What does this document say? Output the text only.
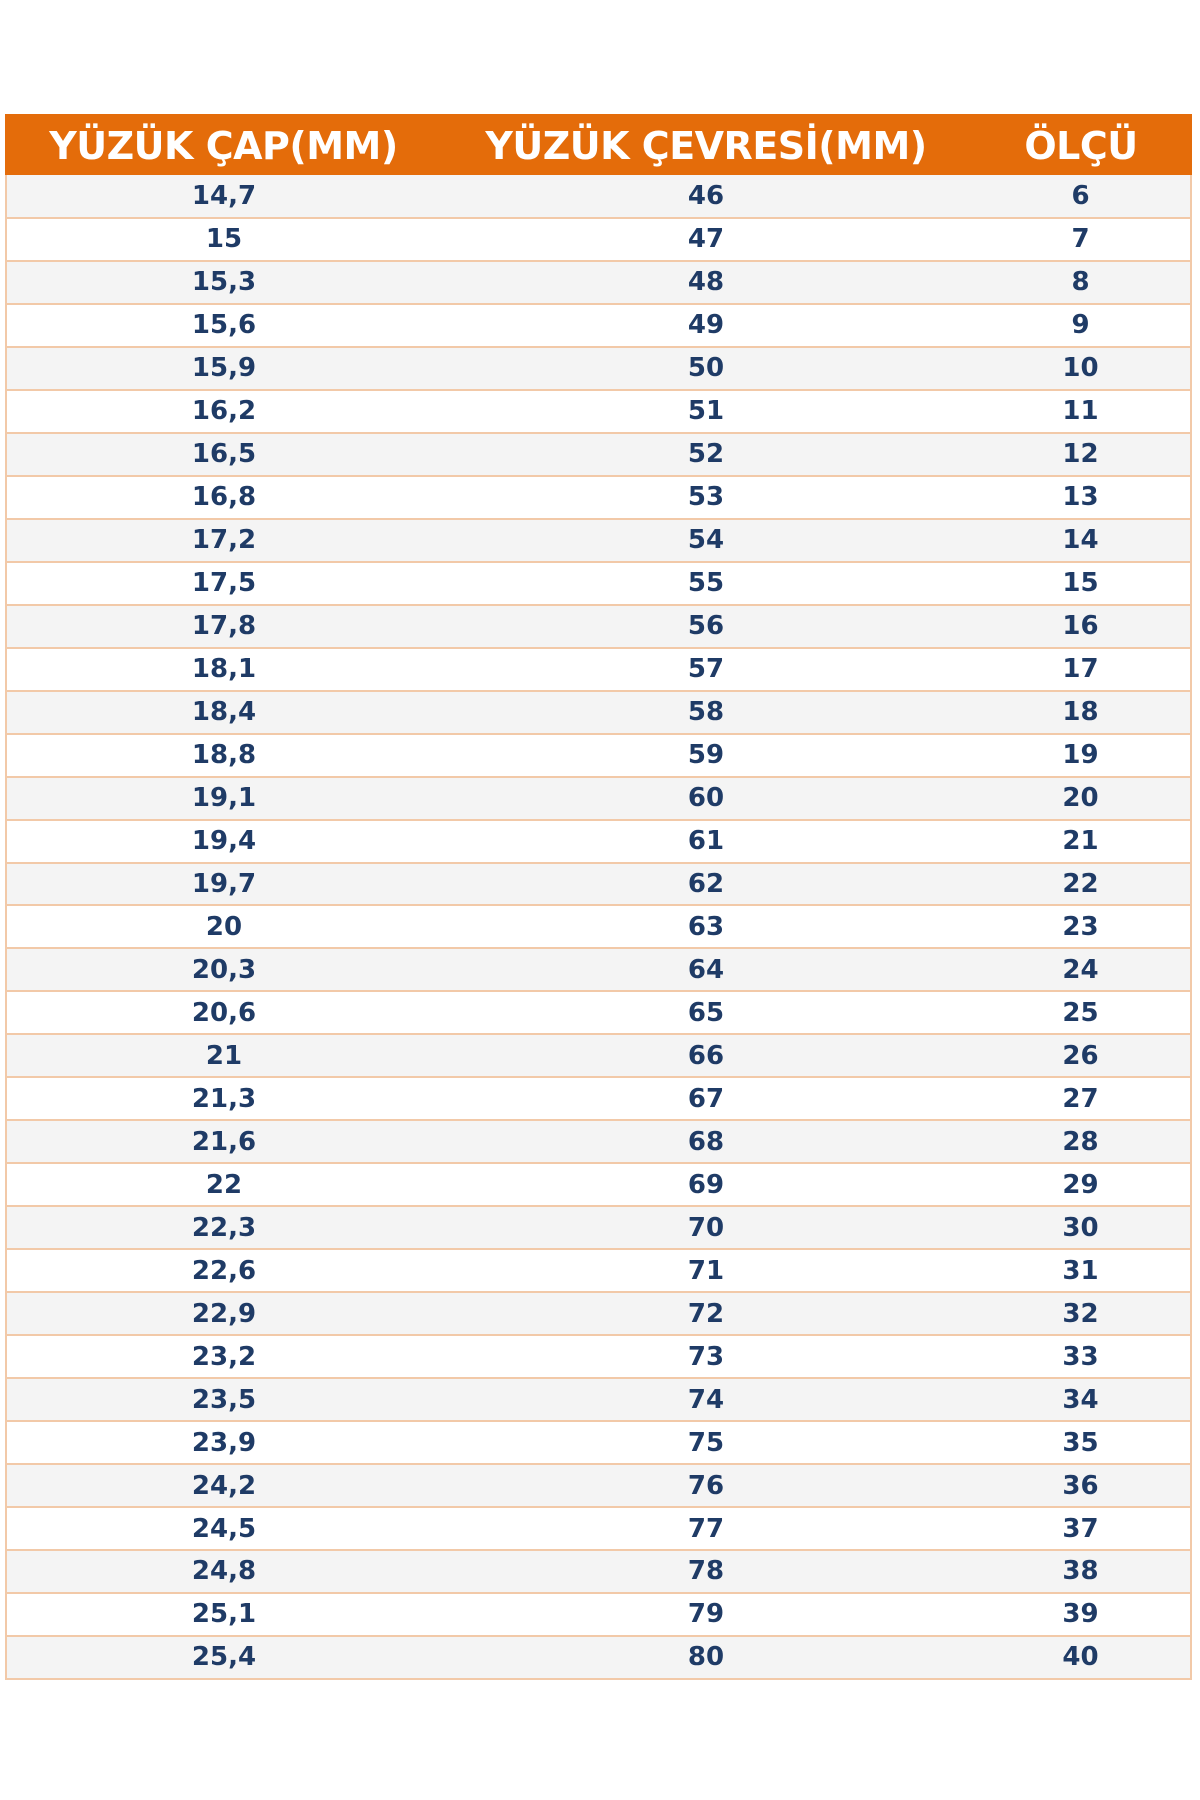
YÜZÜK ÇAP(MM)	YÜZÜK ÇEVRESİ(MM)	ÖLÇÜ
14,7	46	6
15	47	7
15,3	48	8
15,6	49	9
15,9	50	10
16,2	51	11
16,5	52	12
16,8	53	13
17,2	54	14
17,5	55	15
17,8	56	16
18,1	57	17
18,4	58	18
18,8	59	19
19,1	60	20
19,4	61	21
19,7	62	22
20	63	23
20,3	64	24
20,6	65	25
21	66	26
21,3	67	27
21,6	68	28
22	69	29
22,3	70	30
22,6	71	31
22,9	72	32
23,2	73	33
23,5	74	34
23,9	75	35
24,2	76	36
24,5	77	37
24,8	78	38
25,1	79	39
25,4	80	40
